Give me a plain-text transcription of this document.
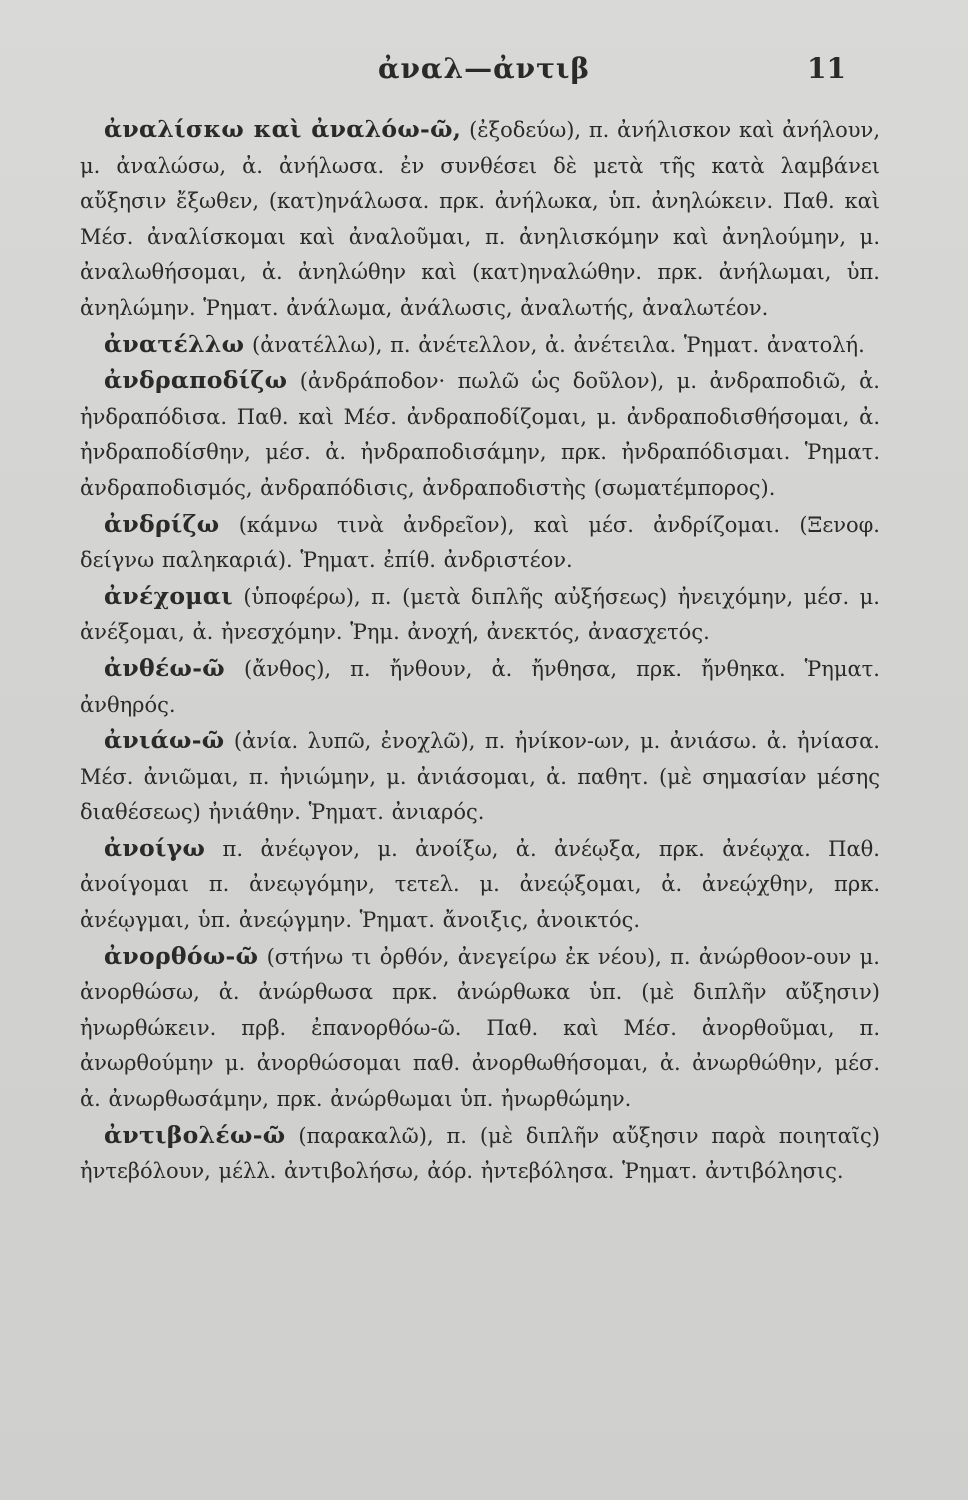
ἀναλ—ἀντιβ	11

ἀναλίσκω καὶ ἀναλόω-ῶ, (ἐξοδεύω), π. ἀνήλισκον καὶ ἀνήλουν, μ. ἀναλώσω, ἀ. ἀνήλωσα. ἐν συνθέσει δὲ μετὰ τῆς κατὰ λαμβάνει αὔξησιν ἔξωθεν, (κατ)ηνάλωσα. πρκ. ἀνήλωκα, ὑπ. ἀνηλώκειν. Παθ. καὶ Μέσ. ἀναλίσκομαι καὶ ἀναλοῦμαι, π. ἀνηλισκόμην καὶ ἀνηλούμην, μ. ἀναλωθήσομαι, ἀ. ἀνηλώθην καὶ (κατ)ηναλώθην. πρκ. ἀνήλωμαι, ὑπ. ἀνηλώμην. Ῥηματ. ἀνάλωμα, ἀνάλωσις, ἀναλωτής, ἀναλωτέον.

ἀνατέλλω (ἀνατέλλω), π. ἀνέτελλον, ἀ. ἀνέτειλα. Ῥηματ. ἀνατολή.

ἀνδραποδίζω (ἀνδράποδον· πωλῶ ὡς δοῦλον), μ. ἀνδραποδιῶ, ἀ. ἠνδραπόδισα. Παθ. καὶ Μέσ. ἀνδραποδίζομαι, μ. ἀνδραποδισθήσομαι, ἀ. ἠνδραποδίσθην, μέσ. ἀ. ἠνδραποδισάμην, πρκ. ἠνδραπόδισμαι. Ῥηματ. ἀνδραποδισμός, ἀνδραπόδισις, ἀνδραποδιστὴς (σωματέμπορος).

ἀνδρίζω (κάμνω τινὰ ἀνδρεῖον), καὶ μέσ. ἀνδρίζομαι. (Ξενοφ. δείγνω παληκαριά). Ῥηματ. ἐπίθ. ἀνδριστέον.

ἀνέχομαι (ὑποφέρω), π. (μετὰ διπλῆς αὐξήσεως) ἠνειχόμην, μέσ. μ. ἀνέξομαι, ἀ. ἠνεσχόμην. Ῥημ. ἀνοχή, ἀνεκτός, ἀνασχετός.

ἀνθέω-ῶ (ἄνθος), π. ἤνθουν, ἀ. ἤνθησα, πρκ. ἤνθηκα. Ῥηματ. ἀνθηρός.

ἀνιάω-ῶ (ἀνία. λυπῶ, ἐνοχλῶ), π. ἠνίκον-ων, μ. ἀνιάσω. ἀ. ἠνίασα. Μέσ. ἀνιῶμαι, π. ἠνιώμην, μ. ἀνιάσομαι, ἀ. παθητ. (μὲ σημασίαν μέσης διαθέσεως) ἠνιάθην. Ῥηματ. ἀνιαρός.

ἀνοίγω π. ἀνέῳγον, μ. ἀνοίξω, ἀ. ἀνέῳξα, πρκ. ἀνέῳχα. Παθ. ἀνοίγομαι π. ἀνεῳγόμην, τετελ. μ. ἀνεῴξομαι, ἀ. ἀνεῴχθην, πρκ. ἀνέῳγμαι, ὑπ. ἀνεῴγμην. Ῥηματ. ἄνοιξις, ἀνοικτός.

ἀνορθόω-ῶ (στήνω τι ὀρθόν, ἀνεγείρω ἐκ νέου), π. ἀνώρθοον-ουν μ. ἀνορθώσω, ἀ. ἀνώρθωσα πρκ. ἀνώρθωκα ὑπ. (μὲ διπλῆν αὔξησιν) ἠνωρθώκειν. πρβ. ἐπανορθόω-ῶ. Παθ. καὶ Μέσ. ἀνορθοῦμαι, π. ἀνωρθούμην μ. ἀνορθώσομαι παθ. ἀνορθωθήσομαι, ἀ. ἀνωρθώθην, μέσ. ἀ. ἀνωρθωσάμην, πρκ. ἀνώρθωμαι ὑπ. ἠνωρθώμην.

ἀντιβολέω-ῶ (παρακαλῶ), π. (μὲ διπλῆν αὔξησιν παρὰ ποιηταῖς) ἠντεβόλουν, μέλλ. ἀντιβολήσω, ἀόρ. ἠντεβόλησα. Ῥηματ. ἀντιβόλησις.
